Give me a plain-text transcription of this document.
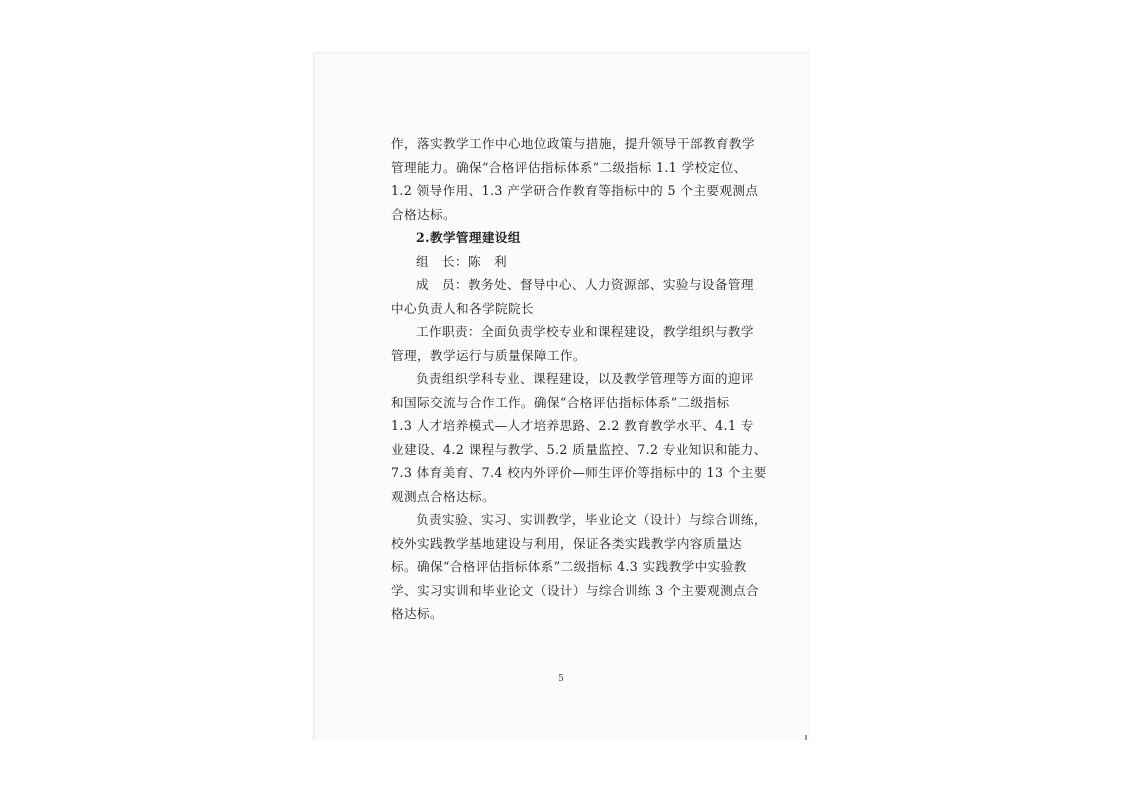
作，落实教学工作中心地位政策与措施，提升领导干部教育教学
管理能力。确保“合格评估指标体系”二级指标 1.1 学校定位、
1.2 领导作用、1.3 产学研合作教育等指标中的 5 个主要观测点
合格达标。
2.教学管理建设组
组　长：陈　利
成　员：教务处、督导中心、人力资源部、实验与设备管理
中心负责人和各学院院长
工作职责：全面负责学校专业和课程建设，教学组织与教学
管理，教学运行与质量保障工作。
负责组织学科专业、课程建设，以及教学管理等方面的迎评
和国际交流与合作工作。确保“合格评估指标体系”二级指标
1.3 人才培养模式—人才培养思路、2.2 教育教学水平、4.1 专
业建设、4.2 课程与教学、5.2 质量监控、7.2 专业知识和能力、
7.3 体育美育、7.4 校内外评价—师生评价等指标中的 13 个主要
观测点合格达标。
负责实验、实习、实训教学，毕业论文（设计）与综合训练，
校外实践教学基地建设与利用，保证各类实践教学内容质量达
标。确保“合格评估指标体系”二级指标 4.3 实践教学中实验教
学、实习实训和毕业论文（设计）与综合训练 3 个主要观测点合
格达标。
5
